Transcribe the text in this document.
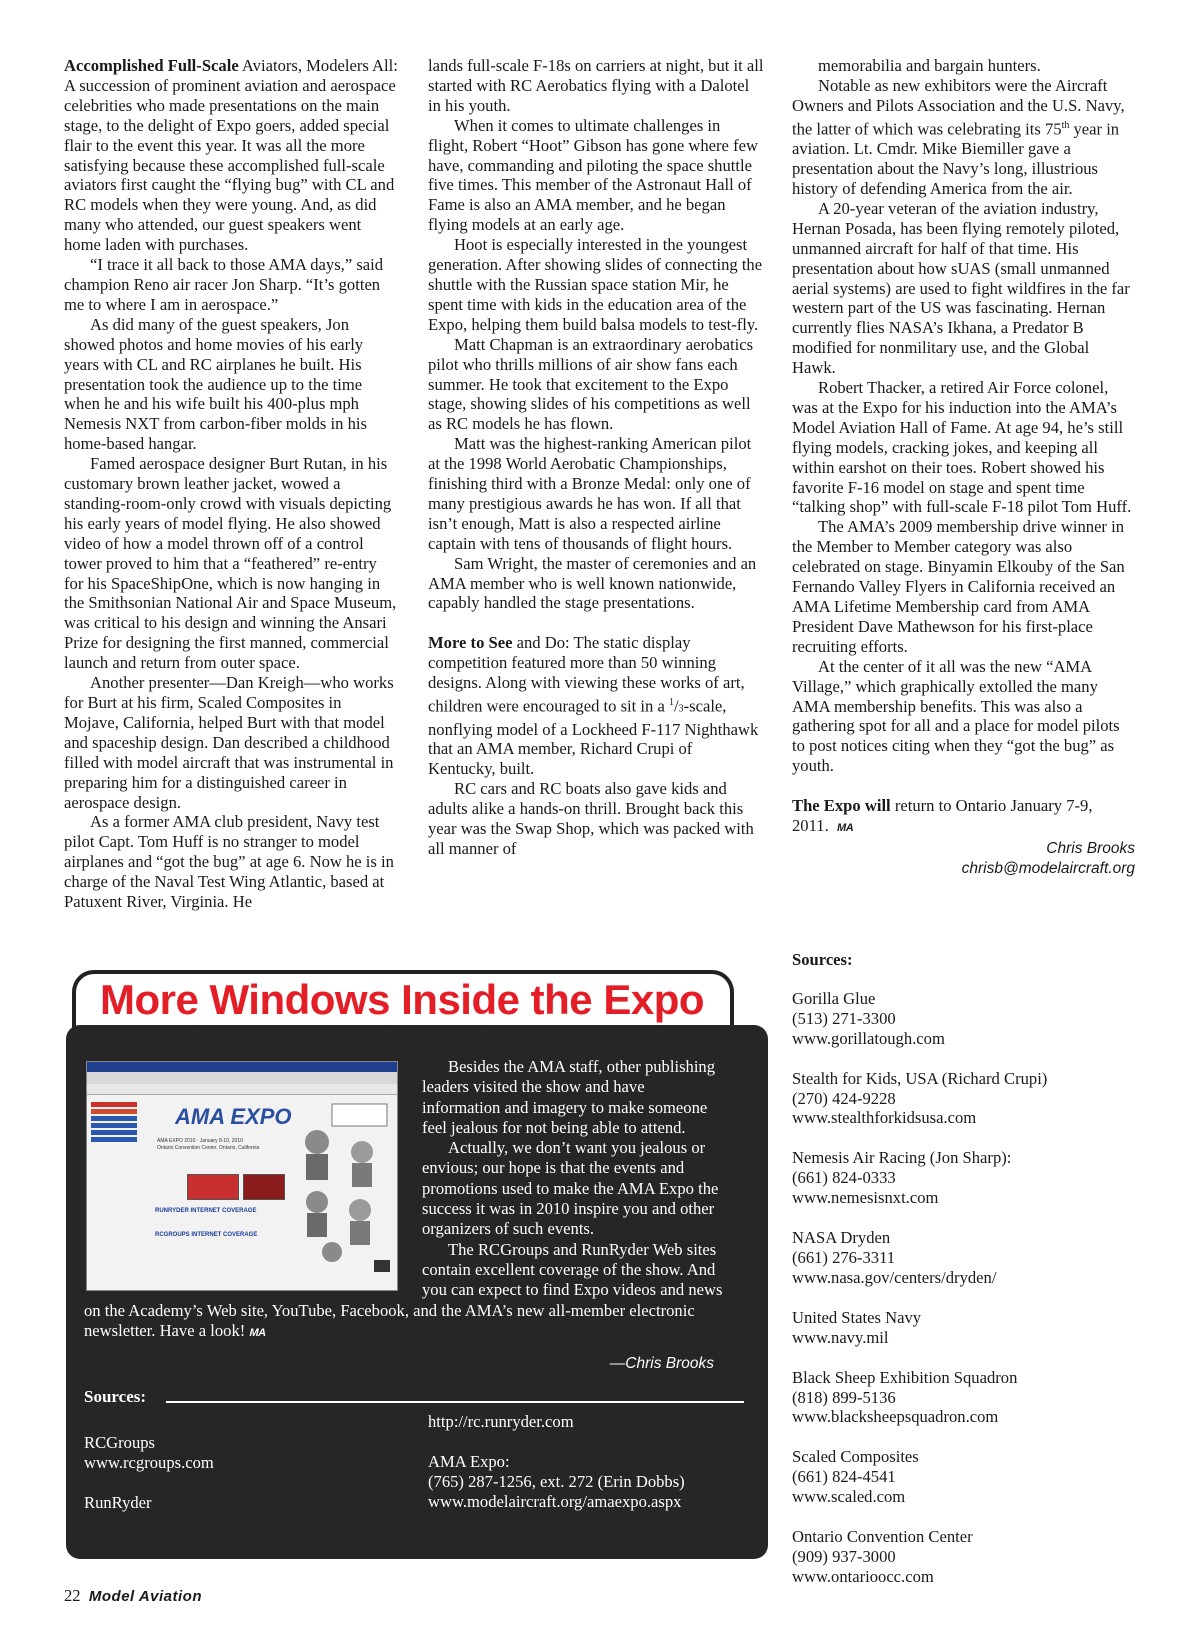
Accomplished Full-Scale Aviators, Modelers All: A succession of prominent aviation and aerospace celebrities who made presentations on the main stage, to the delight of Expo goers, added special flair to the event this year. It was all the more satisfying because these accomplished full-scale aviators first caught the “flying bug” with CL and RC models when they were young. And, as did many who attended, our guest speakers went home laden with purchases.

“I trace it all back to those AMA days,” said champion Reno air racer Jon Sharp. “It’s gotten me to where I am in aerospace.”

As did many of the guest speakers, Jon showed photos and home movies of his early years with CL and RC airplanes he built. His presentation took the audience up to the time when he and his wife built his 400-plus mph Nemesis NXT from carbon-fiber molds in his home-based hangar.

Famed aerospace designer Burt Rutan, in his customary brown leather jacket, wowed a standing-room-only crowd with visuals depicting his early years of model flying. He also showed video of how a model thrown off of a control tower proved to him that a “feathered” re-entry for his SpaceShipOne, which is now hanging in the Smithsonian National Air and Space Museum, was critical to his design and winning the Ansari Prize for designing the first manned, commercial launch and return from outer space.

Another presenter—Dan Kreigh—who works for Burt at his firm, Scaled Composites in Mojave, California, helped Burt with that model and spaceship design. Dan described a childhood filled with model aircraft that was instrumental in preparing him for a distinguished career in aerospace design.

As a former AMA club president, Navy test pilot Capt. Tom Huff is no stranger to model airplanes and “got the bug” at age 6. Now he is in charge of the Naval Test Wing Atlantic, based at Patuxent River, Virginia. He

lands full-scale F-18s on carriers at night, but it all started with RC Aerobatics flying with a Dalotel in his youth.

When it comes to ultimate challenges in flight, Robert “Hoot” Gibson has gone where few have, commanding and piloting the space shuttle five times. This member of the Astronaut Hall of Fame is also an AMA member, and he began flying models at an early age.

Hoot is especially interested in the youngest generation. After showing slides of connecting the shuttle with the Russian space station Mir, he spent time with kids in the education area of the Expo, helping them build balsa models to test-fly.

Matt Chapman is an extraordinary aerobatics pilot who thrills millions of air show fans each summer. He took that excitement to the Expo stage, showing slides of his competitions as well as RC models he has flown.

Matt was the highest-ranking American pilot at the 1998 World Aerobatic Championships, finishing third with a Bronze Medal: only one of many prestigious awards he has won. If all that isn’t enough, Matt is also a respected airline captain with tens of thousands of flight hours.

Sam Wright, the master of ceremonies and an AMA member who is well known nationwide, capably handled the stage presentations.

More to See and Do: The static display competition featured more than 50 winning designs. Along with viewing these works of art, children were encouraged to sit in a $^1$/3-scale, nonflying model of a Lockheed F-117 Nighthawk that an AMA member, Richard Crupi of Kentucky, built.

RC cars and RC boats also gave kids and adults alike a hands-on thrill. Brought back this year was the Swap Shop, which was packed with all manner of

memorabilia and bargain hunters.

Notable as new exhibitors were the Aircraft Owners and Pilots Association and the U.S. Navy, the latter of which was celebrating its 75th year in aviation. Lt. Cmdr. Mike Biemiller gave a presentation about the Navy’s long, illustrious history of defending America from the air.

A 20-year veteran of the aviation industry, Hernan Posada, has been flying remotely piloted, unmanned aircraft for half of that time. His presentation about how sUAS (small unmanned aerial systems) are used to fight wildfires in the far western part of the US was fascinating. Hernan currently flies NASA’s Ikhana, a Predator B modified for nonmilitary use, and the Global Hawk.

Robert Thacker, a retired Air Force colonel, was at the Expo for his induction into the AMA’s Model Aviation Hall of Fame. At age 94, he’s still flying models, cracking jokes, and keeping all within earshot on their toes. Robert showed his favorite F-16 model on stage and spent time “talking shop” with full-scale F-18 pilot Tom Huff.

The AMA’s 2009 membership drive winner in the Member to Member category was also celebrated on stage. Binyamin Elkouby of the San Fernando Valley Flyers in California received an AMA Lifetime Membership card from AMA President Dave Mathewson for his first-place recruiting efforts.

At the center of it all was the new “AMA Village,” which graphically extolled the many AMA membership benefits. This was also a gathering spot for all and a place for model pilots to post notices citing when they “got the bug” as youth.

The Expo will return to Ontario January 7-9, 2011. MA

Chris Brooks

chrisb@modelaircraft.org

Sources:
Gorilla Glue
(513) 271-3300
www.gorillatough.com
Stealth for Kids, USA (Richard Crupi)
(270) 424-9228
www.stealthforkidsusa.com
Nemesis Air Racing (Jon Sharp):
(661) 824-0333
www.nemesisnxt.com
NASA Dryden
(661) 276-3311
www.nasa.gov/centers/dryden/
United States Navy
www.navy.mil
Black Sheep Exhibition Squadron
(818) 899-5136
www.blacksheepsquadron.com
Scaled Composites
(661) 824-4541
www.scaled.com
Ontario Convention Center
(909) 937-3000
www.ontarioocc.com
More Windows Inside the Expo
AMA EXPO
AMA EXPO 2010 · January 8-10, 2010
Ontario Convention Center, Ontario, California
RUNRYDER INTERNET COVERAGE
RCGROUPS INTERNET COVERAGE

Besides the AMA staff, other publishing leaders visited the show and have information and imagery to make someone feel jealous for not being able to attend.

Actually, we don’t want you jealous or envious; our hope is that the events and promotions used to make the AMA Expo the success it was in 2010 inspire you and other organizers of such events.

The RCGroups and RunRyder Web sites contain excellent coverage of the show. And you can expect to find Expo videos and news

on the Academy’s Web site, YouTube, Facebook, and the AMA’s new all-member electronic newsletter. Have a look! MA

—Chris Brooks
Sources:
RCGroups
www.rcgroups.com
RunRyder
http://rc.runryder.com
AMA Expo:
(765) 287-1256, ext. 272 (Erin Dobbs)
www.modelaircraft.org/amaexpo.aspx
22 Model Aviation
